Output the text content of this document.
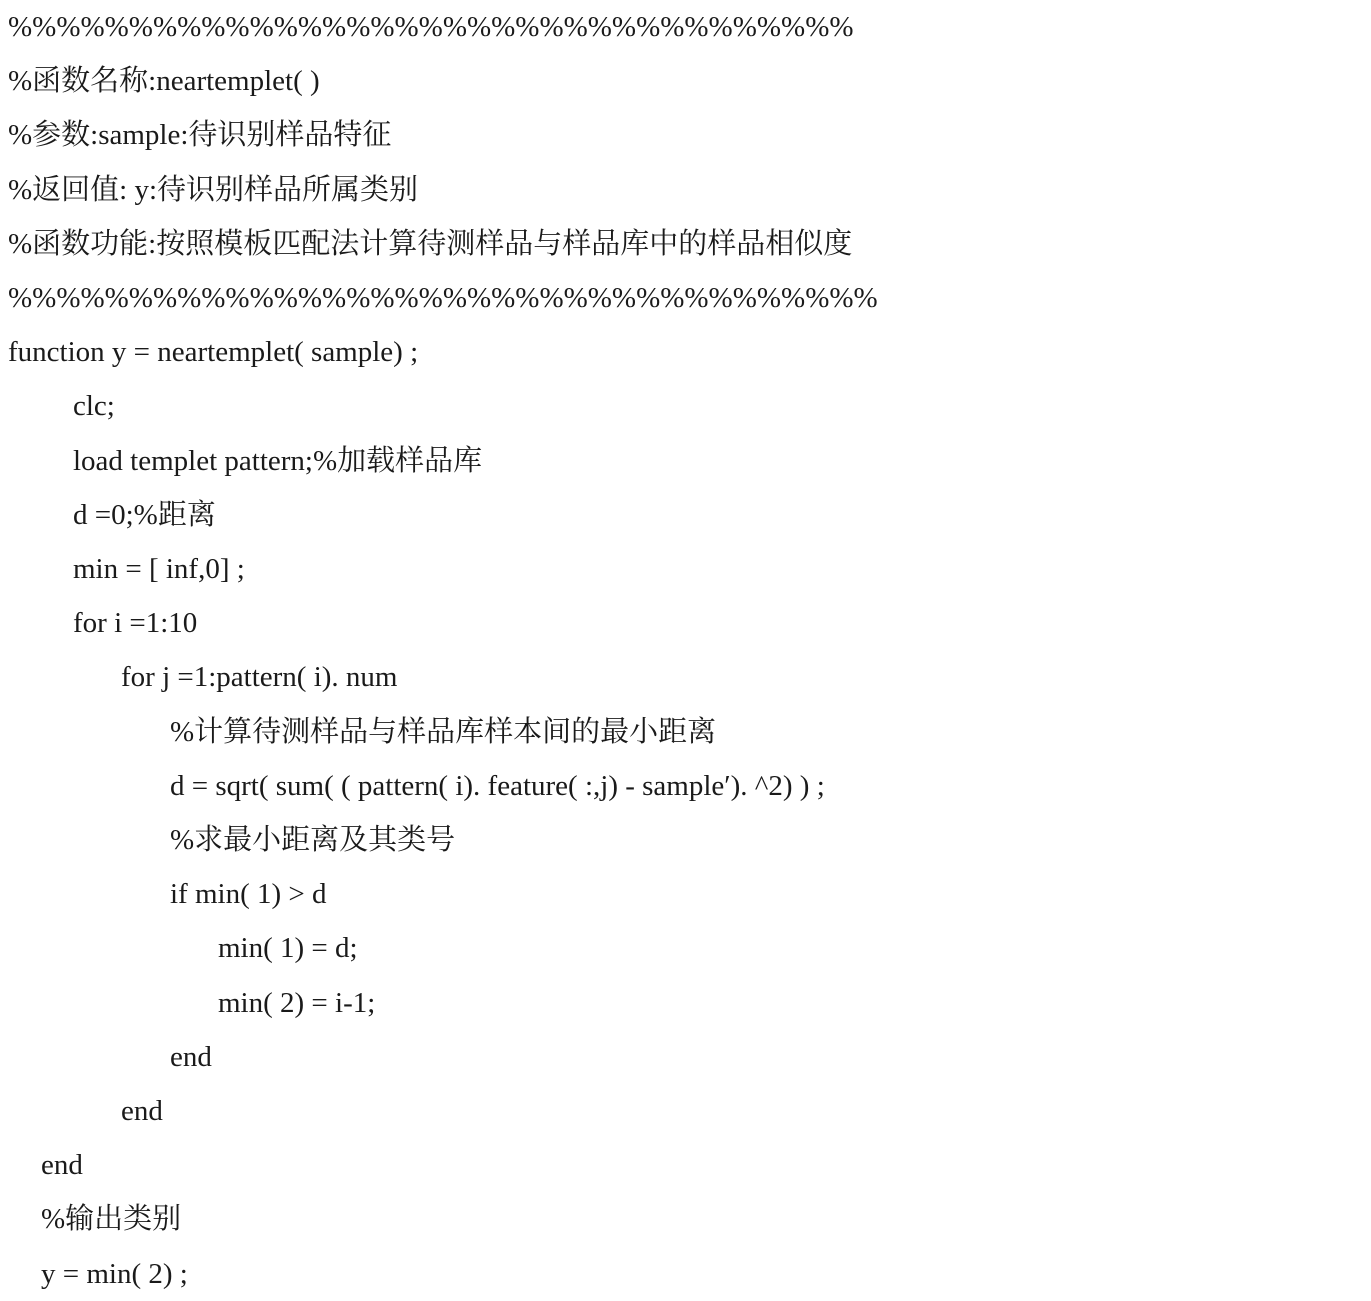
%%%%%%%%%%%%%%%%%%%%%%%%%%%%%%%%%%%
%函数名称:neartemplet( )
%参数:sample:待识别样品特征
%返回值: y:待识别样品所属类别
%函数功能:按照模板匹配法计算待测样品与样品库中的样品相似度
%%%%%%%%%%%%%%%%%%%%%%%%%%%%%%%%%%%%
function y = neartemplet( sample) ;
clc;
load templet pattern;%加载样品库
d =0;%距离
min = [ inf,0] ;
for i =1:10
for j =1:pattern( i). num
%计算待测样品与样品库样本间的最小距离
d = sqrt( sum( ( pattern( i). feature( :,j) - sample′). ^2) ) ;
%求最小距离及其类号
if min( 1) > d
min( 1) = d;
min( 2) = i-1;
end
end
end
%输出类别
y = min( 2) ;
